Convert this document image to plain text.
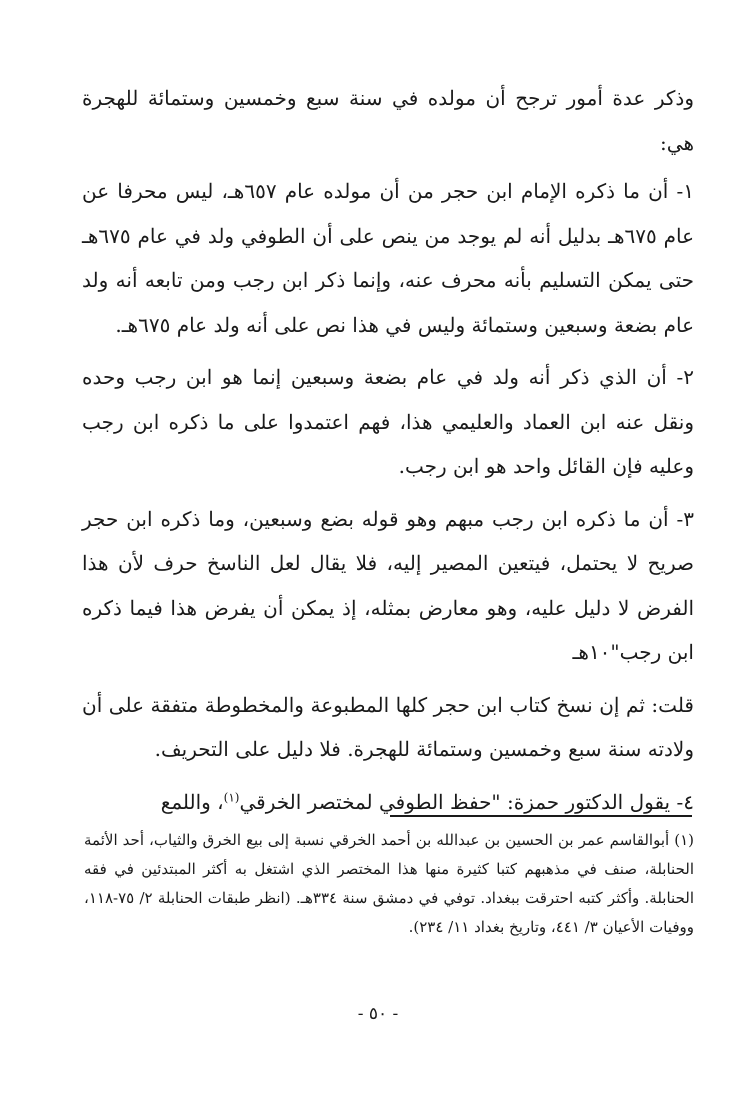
وذكر عدة أمور ترجح أن مولده في سنة سبع وخمسين وستمائة للهجرة هي:

١- أن ما ذكره الإمام ابن حجر من أن مولده عام ٦٥٧هـ، ليس محرفا عن عام ٦٧٥هـ بدليل أنه لم يوجد من ينص على أن الطوفي ولد في عام ٦٧٥هـ حتى يمكن التسليم بأنه محرف عنه، وإنما ذكر ابن رجب ومن تابعه أنه ولد عام بضعة وسبعين وستمائة وليس في هذا نص على أنه ولد عام ٦٧٥هـ.

٢- أن الذي ذكر أنه ولد في عام بضعة وسبعين إنما هو ابن رجب وحده ونقل عنه ابن العماد والعليمي هذا، فهم اعتمدوا على ما ذكره ابن رجب وعليه فإن القائل واحد هو ابن رجب.

٣- أن ما ذكره ابن رجب مبهم وهو قوله بضع وسبعين، وما ذكره ابن حجر صريح لا يحتمل، فيتعين المصير إليه، فلا يقال لعل الناسخ حرف لأن هذا الفرض لا دليل عليه، وهو معارض بمثله، إذ يمكن أن يفرض هذا فيما ذكره ابن رجب"١٠هـ

قلت: ثم إن نسخ كتاب ابن حجر كلها المطبوعة والمخطوطة متفقة على أن ولادته سنة سبع وخمسين وستمائة للهجرة. فلا دليل على التحريف.

٤- يقول الدكتور حمزة: "حفظ الطوفي لمختصر الخرقي$^{(١)}$، واللمع

(١) أبوالقاسم عمر بن الحسين بن عبدالله بن أحمد الخرقي نسبة إلى بيع الخرق والثياب، أحد الأئمة الحنابلة، صنف في مذهبهم كتبا كثيرة منها هذا المختصر الذي اشتغل به أكثر المبتدئين في فقه الحنابلة. وأكثر كتبه احترقت ببغداد. توفي في دمشق سنة ٣٣٤هـ. (انظر طبقات الحنابلة ٢/ ٧٥-١١٨، ووفيات الأعيان ٣/ ٤٤١، وتاريخ بغداد ١١/ ٢٣٤).

- ٥٠ -
